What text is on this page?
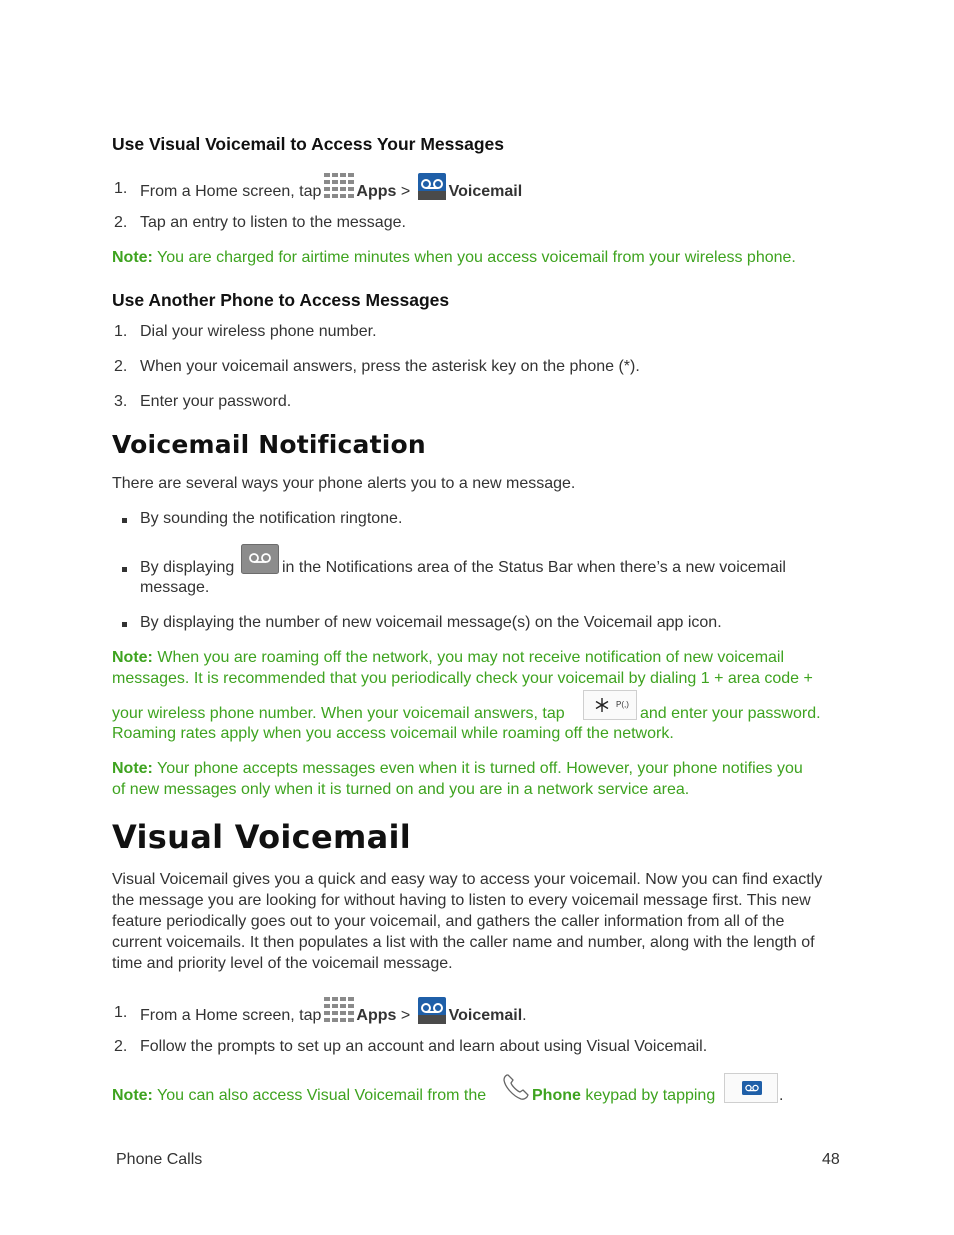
Use Visual Voicemail to Access Your Messages
1. From a Home screen, tap Apps > Voicemail
2. Tap an entry to listen to the message.
Note: You are charged for airtime minutes when you access voicemail from your wireless phone.
Use Another Phone to Access Messages
1. Dial your wireless phone number.
2. When your voicemail answers, press the asterisk key on the phone (*).
3. Enter your password.
Voicemail Notification
There are several ways your phone alerts you to a new message.
By sounding the notification ringtone.
By displaying	in the Notifications area of the Status Bar when there’s a new voicemail
message.
By displaying the number of new voicemail message(s) on the Voicemail app icon.
Note: When you are roaming off the network, you may not receive notification of new voicemail
messages. It is recommended that you periodically check your voicemail by dialing 1 + area code +
your wireless phone number. When your voicemail answers, tap
P(,)
and enter your password.
Roaming rates apply when you access voicemail while roaming off the network.
Note: Your phone accepts messages even when it is turned off. However, your phone notifies you
of new messages only when it is turned on and you are in a network service area.
Visual Voicemail
Visual Voicemail gives you a quick and easy way to access your voicemail. Now you can find exactly
the message you are looking for without having to listen to every voicemail message first. This new
feature periodically goes out to your voicemail, and gathers the caller information from all of the
current voicemails. It then populates a list with the caller name and number, along with the length of
time and priority level of the voicemail message.
1. From a Home screen, tap Apps > Voicemail.
2. Follow the prompts to set up an account and learn about using Visual Voicemail.
Note: You can also access Visual Voicemail from the	Phone keypad by tapping	.
Phone Calls	48
